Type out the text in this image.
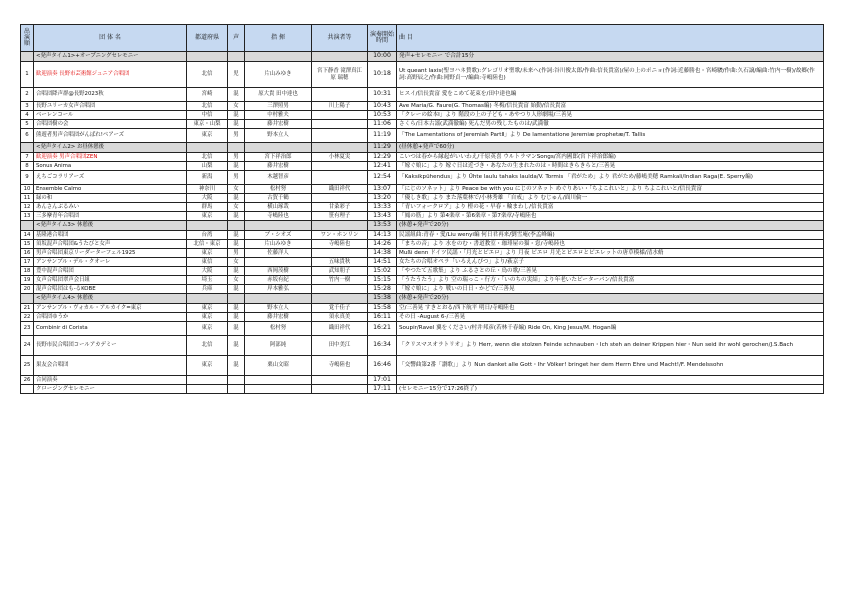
出演順	団 体 名	都道府県	声	指 揮	共演者等	演奏開始時間	曲 目
	<発声タイム1>+オープニングセレモニー					10:00	発声+セレモニー で合計15分
1	歓迎演奏 長野市芸術館ジュニア合唱団	北信	児	片山みゆき	宮下静香 滝澤真江 原 瑞穂	10:18	Ut queant laxis(聖ヨハネ賛歌):グレゴリオ聖歌/未来へ(作詞:谷川俊太郎/作曲:信長貴富)/屋の上のポニョ(作詞:近藤勝也・宮崎駿/作曲:久石譲/編曲:竹内一樹)/故郷(作詞:高野辰之/作曲:岡野貞一/編曲:寺嶋陸也)
2	合唱団降声群@長野2023秋	宮崎	混	原大貴 田中達也		10:31	ヒスイ/信長貴富 愛をこめて花束を/田中達也編
3	長野ユリーカ女声合唱団	北信	女	三澤照男	川上陽子	10:43	Ave Maria/G. Faure(G. Thomas編) 冬梅/信長貴富 始動/信長貴富
4	ベーレンコール	中信	混	中村雅夫		10:53	「クレーの絵本Ⅰ」より 階段の上の子ども・あやつり人形劇場/三善晃
5	合唱団樹の会	東京・山梨	混	藤井宏樹		11:06	さくら/日本古謡(武満徹編) 死んだ男の残したものは/武満徹
6	熊遊者男声合唱団がんばれ!ベアーズ	東京	男	野本立人		11:19	「The Lamentations of Jeremiah PartⅡ」より De lamentatione Jeremiæ prophetæ/T. Tallis
	<発声タイム2> お昼休憩後					11:29	(昼休憩+発声で60分)
7	歓迎演奏 男声合唱団ZEN	北信	男	宮下祥治郎	小林夏実	12:29	こいつは春から縁起がいいわえ/千原英喜 ウルトラマンSongs/宮内國郎(宮下祥治郎編)
8	Sonus Anima	山梨	混	藤井宏樹		12:41	「嫁ぐ娘に」より 嫁ぐ日は近づき・あなたの生まれたのは・時間はきらきらと/三善晃
9	えちごコラリアーズ	新潟	男	木越智彦		12:54	「Kaksikpühendus」より Ühte laulu tahaks laulda/V. Tormis 「君がため」より 君がため/藤嶋美穂 Ramkali/Indian Raga(E. Sperry編)
10	Ensemble Calmo	神奈川	女	松村努	織田祥代	13:07	「にじのソネット」より Peace be with you にじのソネット めぐりあい・「ちよこれいと」より ちよこれいと/信長貴富
11	緑の和	大阪	混	古賀千鶴		13:20	「優しき歌」より また落葉林で/小林秀雄 「自戒」より むじゅん/面川倫一
12	あんさんぶるみい	群馬	女	横山琢哉	甘粂彩子	13:33	「青いフォークロア」より 橙の花・早春・輪まわし/信長貴富
13	三多摩青年合唱団	東京	混	寺嶋陸也	笹有理子	13:43	「鳳の筋」より 第4楽章・第6楽章・第7楽章/寺嶋陸也
	<発声タイム3> 休憩後					13:53	(休憩+発声で20分)
14	基隆港合唱団	台湾	混	ブ・シオズ	ワン・ホンリン	14:13	民謡組曲:青春・愛/Liu wenyi編 何日君再来/劉雪庵(李孟峰編)
15	須坂混声合唱団&うたびと女声	北信・東京	混	片山みゆき	寺嶋陸也	14:26	「まちの音」より 水をのむ・書道教室・珈琲屋の猫・窓/寺嶋陸也
16	男声合唱団東京リーダーターフェル1925	東京	男	佐藤洋人		14:38	Mußi denn ドイツ民謡・「月光とピエロ」より 月夜 ピエロ 月光とピエロとピエレットの唐草模様/清水脩
17	アンサンブル・デル・クオーレ	東信	女		五味貴秋	14:51	女たちの合唱オペラ「いろえんぴつ」より/萩京子
18	豊中混声合唱団	大阪	混	西岡茂樹	武知朋子	15:02	「やつたて五歌集」より ふるさとの丘・鳥の歌/三善晃
19	女声合唱団翠声会日組	埼玉	女	赤坂有紀	竹内一樹	15:15	「うたうたう」より 空の瑞っこ・行方・「いのちの実結」より年老いたピーターパン/信長貴富
20	混声合唱団はも-るKOBE	兵庫	混	岸本雅弘		15:28	「嫁ぐ娘に」より 戦いの日日・かどで/三善晃
	<発声タイム4> 休憩後					15:38	(休憩+発声で20分)
21	アンサンブル・ヴォカル・アルカイク=東京	東京	混	野本立人	覚千佳子	15:58	空/三善晃 すきとおる/西下航平 明日/寺嶋陸也
22	合唱団ゆうか	東京	混	藤井宏樹	須永真美	16:11	その日 -August 6-/三善晃
23	Combinir di Corista	東京	混	松村努	織田祥代	16:21	Soupir/Ravel 翼をください/村井邦彦(若林千春編) Ride On, King Jesus/M. Hogan編
24	長野市民合唱団コールアカデミー	北信	混	阿部純	田中美江	16:34	「クリスマスオラトリオ」より Herr, wenn die stolzen Feinde schnauben・Ich steh an deiner Krippen hier・Nun seid ihr wohl gerochen/J.S.Bach
25	果友会合唱団	東京	混	栗山文昭	寺嶋陸也	16:46	「交響曲第2番「讃歌」」より Nun danket alle Gott・Ihr Völker! bringet her dem Herrn Ehre und Macht!/F. Mendelssohn
26	合同演奏					17:01	
	クロージングセレモニー					17:11	(セレモニー15分で17:26終了)
